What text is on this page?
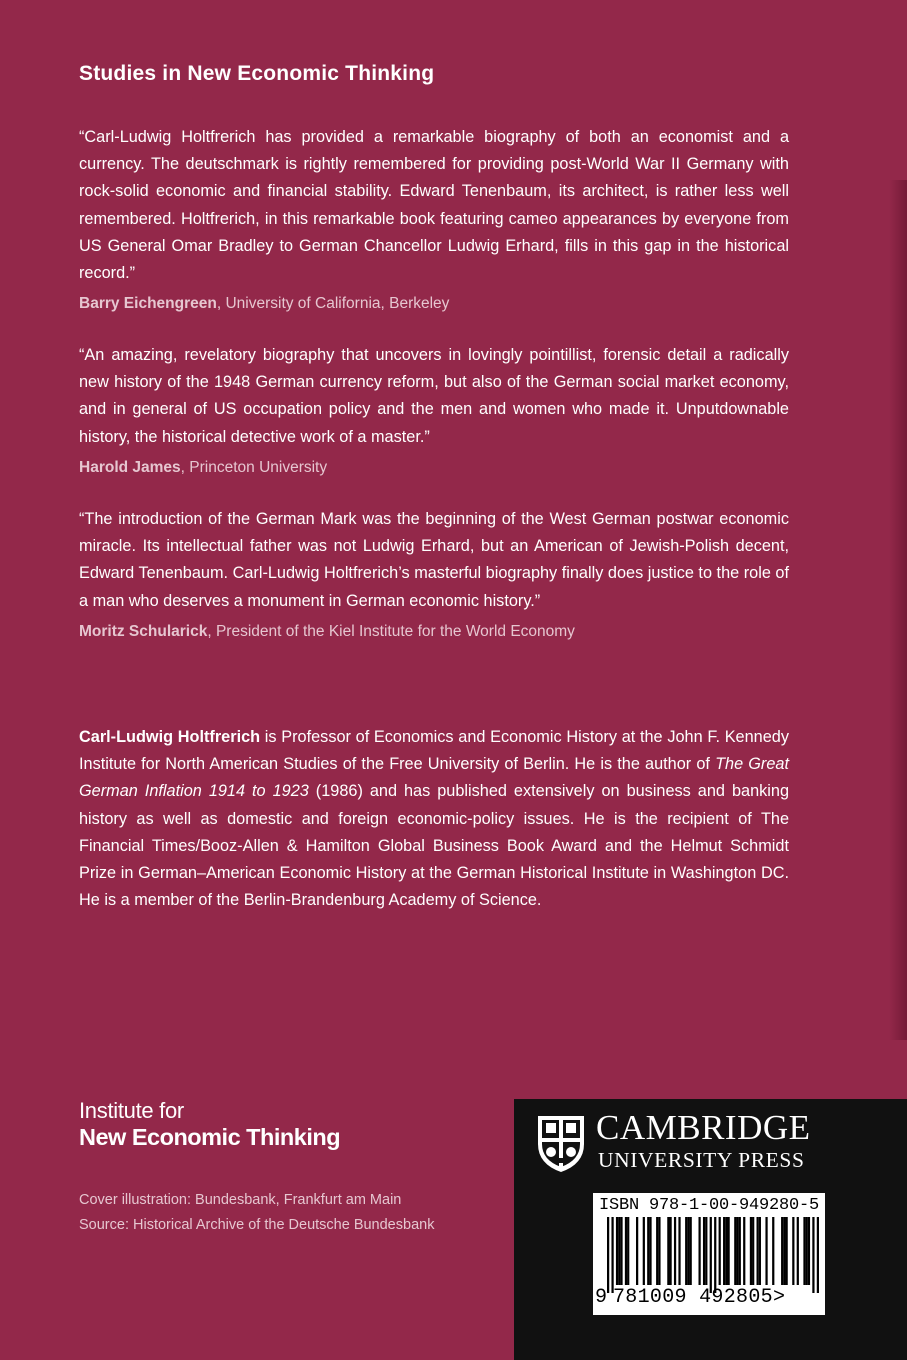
Studies in New Economic Thinking

“Carl-Ludwig Holtfrerich has provided a remarkable biography of both an economist and a currency. The deutschmark is rightly remembered for providing post-World War II Germany with rock-solid economic and financial stability. Edward Tenenbaum, its architect, is rather less well remembered. Holtfrerich, in this remarkable book featuring cameo appearances by everyone from US General Omar Bradley to German Chancellor Ludwig Erhard, fills in this gap in the historical record.”

Barry Eichengreen, University of California, Berkeley

“An amazing, revelatory biography that uncovers in lovingly pointillist, forensic detail a radically new history of the 1948 German currency reform, but also of the German social market economy, and in general of US occupation policy and the men and women who made it. Unputdownable history, the historical detective work of a master.”

Harold James, Princeton University

“The introduction of the German Mark was the beginning of the West German postwar economic miracle. Its intellectual father was not Ludwig Erhard, but an American of Jewish-Polish decent, Edward Tenenbaum. Carl-Ludwig Holtfrerich’s masterful biography finally does justice to the role of a man who deserves a monument in German economic history.”

Moritz Schularick, President of the Kiel Institute for the World Economy

Carl-Ludwig Holtfrerich is Professor of Economics and Economic History at the John F. Kennedy Institute for North American Studies of the Free University of Berlin. He is the author of The Great German Inflation 1914 to 1923 (1986) and has published extensively on business and banking history as well as domestic and foreign economic-policy issues. He is the recipient of The Financial Times/Booz-Allen & Hamilton Global Business Book Award and the Helmut Schmidt Prize in German–American Economic History at the German Historical Institute in Washington DC. He is a member of the Berlin-Brandenburg Academy of Science.

Institute for
New Economic Thinking
Cover illustration: Bundesbank, Frankfurt am Main
Source: Historical Archive of the Deutsche Bundesbank
CAMBRIDGE
UNIVERSITY PRESS
ISBN 978-1-00-949280-5
9 781009 492805>
